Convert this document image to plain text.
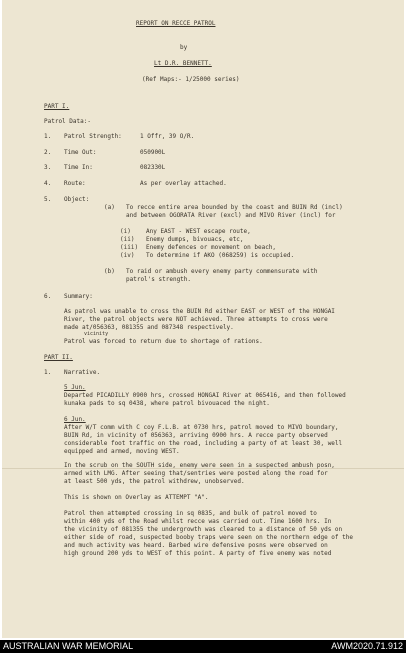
REPORT ON RECCE PATROL
by
Lt D.R. BENNETT.
(Ref Maps:- 1/25000 series)
PART I.
Patrol Data:-
1. Patrol Strength:	1 Offr, 39 O/R.
2. Time Out:	050900L
3. Time In:	082330L
4. Route:	As per overlay attached.
5. Object:
(a) To recce entire area bounded by the coast and BUIN Rd (incl)
and between OGORATA River (excl) and MIVO River (incl) for
(i)	Any EAST - WEST escape route,
(ii) Enemy dumps, bivouacs, etc,
(iii) Enemy defences or movement on beach,
(iv) To determine if AKO (068259) is occupied.
(b) To raid or ambush every enemy party commensurate with
patrol's strength.
6. Summary:
As patrol was unable to cross the BUIN Rd either EAST or WEST of the HONGAI
River, the patrol objects were NOT achieved. Three attempts to cross were
made at/056363, 081355 and 087348 respectively.
vicinity
Patrol was forced to return due to shortage of rations.
PART II.
1. Narrative.
5 Jun.
Departed PICADILLY 0900 hrs, crossed HONGAI River at 065416, and then followed
kunaka pads to sq 0438, where patrol bivouaced the night.
6 Jun.
After W/T comm with C coy F.L.B. at 0730 hrs, patrol moved to MIVO boundary,
BUIN Rd, in vicinity of 056363, arriving 0900 hrs. A recce party observed
considerable foot traffic on the road, including a party of at least 30, well
equipped and armed, moving WEST.
In the scrub on the SOUTH side, enemy were seen in a suspected ambush posn,
armed with LMG. After seeing that/sentries were posted along the road for
at least 500 yds, the patrol withdrew, unobserved.
This is shown on Overlay as ATTEMPT "A".
Patrol then attempted crossing in sq 0835, and bulk of patrol moved to
within 400 yds of the Road whilst recce was carried out. Time 1600 hrs. In
the vicinity of 081355 the undergrowth was cleared to a distance of 50 yds on
either side of road, suspected booby traps were seen on the northern edge of the
and much activity was heard. Barbed wire defensive posns were observed on
high ground 200 yds to WEST of this point. A party of five enemy was noted
AUSTRALIAN WAR MEMORIAL	AWM2020.71.912
